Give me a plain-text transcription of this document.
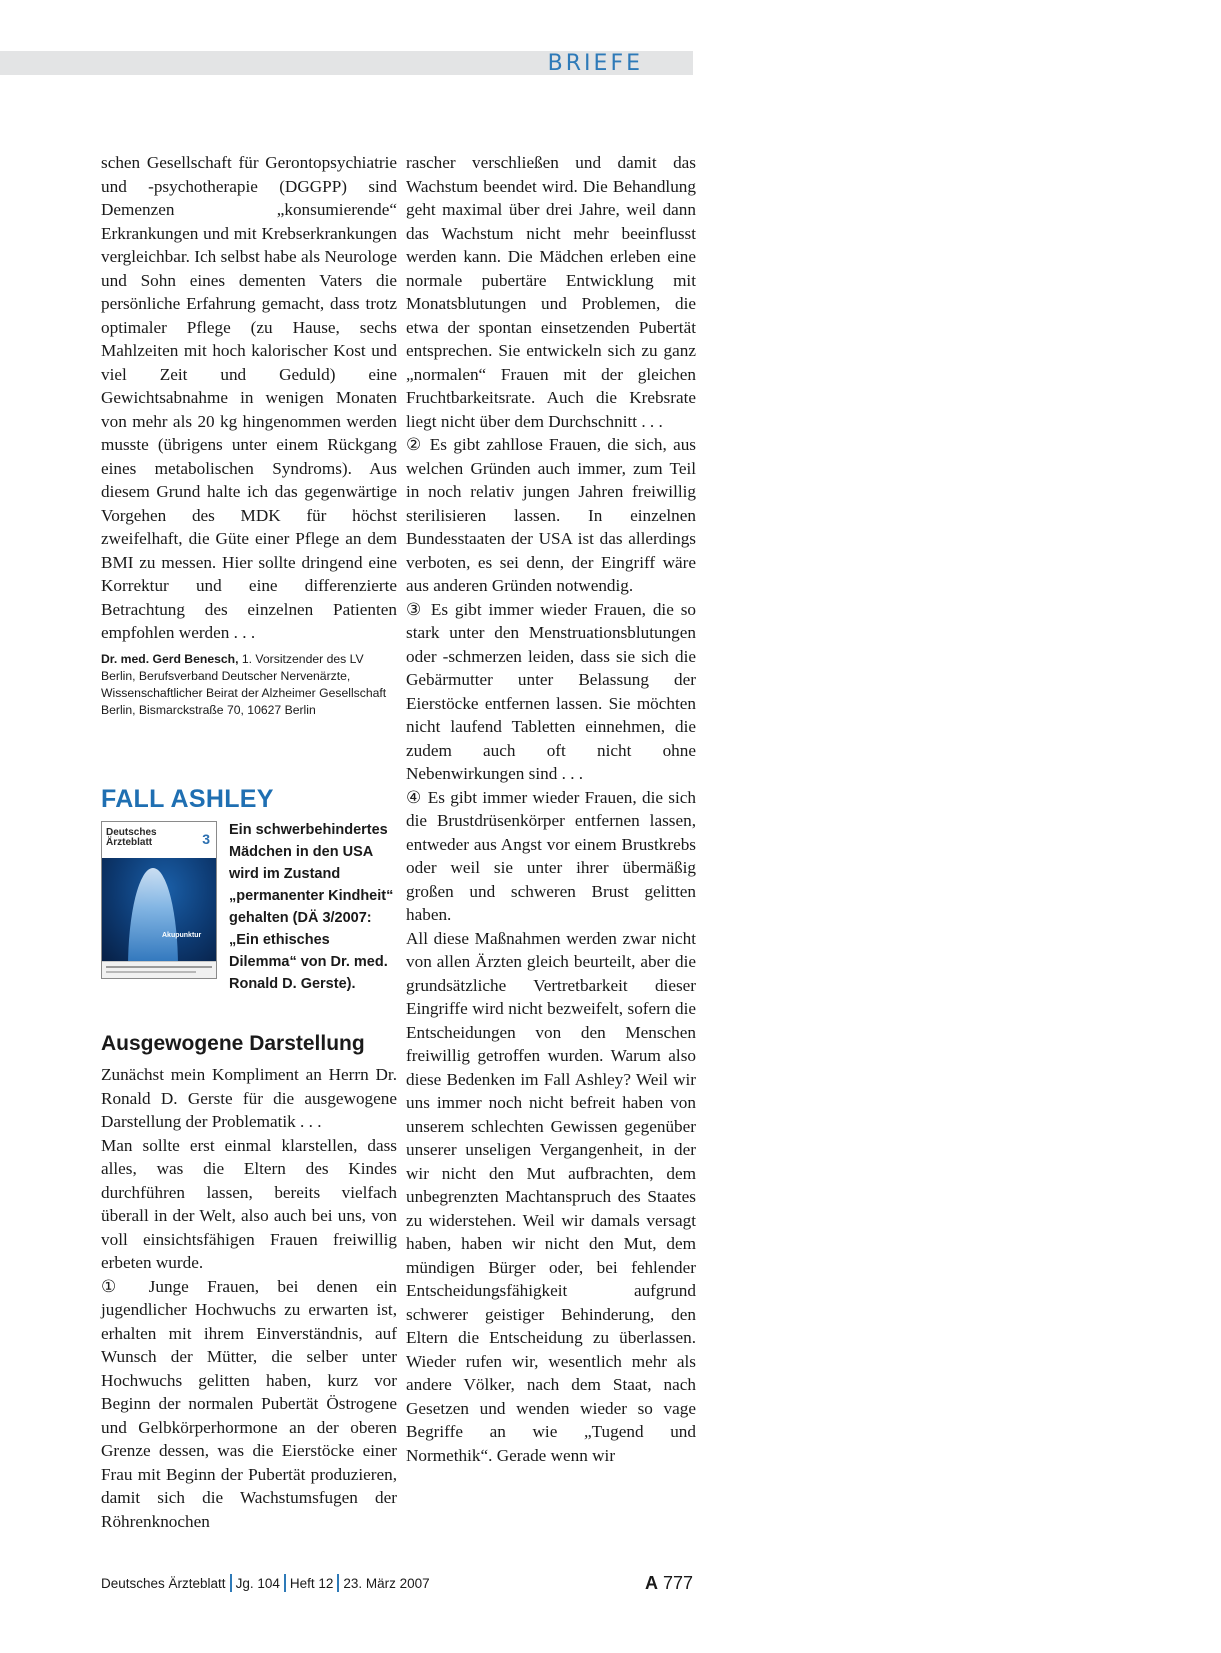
BRIEFE

schen Gesellschaft für Gerontopsychiatrie und -psychotherapie (DGGPP) sind Demenzen „konsumierende“ Erkrankungen und mit Krebserkrankungen vergleichbar. Ich selbst habe als Neurologe und Sohn eines dementen Vaters die persönliche Erfahrung gemacht, dass trotz optimaler Pflege (zu Hause, sechs Mahlzeiten mit hoch kalorischer Kost und viel Zeit und Geduld) eine Gewichtsabnahme in wenigen Monaten von mehr als 20 kg hingenommen werden musste (übrigens unter einem Rückgang eines metabolischen Syndroms). Aus diesem Grund halte ich das gegenwärtige Vorgehen des MDK für höchst zweifelhaft, die Güte einer Pflege an dem BMI zu messen. Hier sollte dringend eine Korrektur und eine differenzierte Betrachtung des einzelnen Patienten empfohlen werden . . .

Dr. med. Gerd Benesch, 1. Vorsitzender des LV Berlin, Berufsverband Deutscher Nervenärzte, Wissenschaftlicher Beirat der Alzheimer Gesellschaft Berlin, Bismarckstraße 70, 10627 Berlin

FALL ASHLEY
Deutsches Ärzteblatt	3
Akupunktur

Ein schwerbehindertes Mädchen in den USA wird im Zustand „permanenter Kindheit“ gehalten (DÄ 3/2007: „Ein ethisches Dilemma“ von Dr. med. Ronald D. Gerste).

Ausgewogene Darstellung

Zunächst mein Kompliment an Herrn Dr. Ronald D. Gerste für die ausgewogene Darstellung der Problematik . . .

Man sollte erst einmal klarstellen, dass alles, was die Eltern des Kindes durchführen lassen, bereits vielfach überall in der Welt, also auch bei uns, von voll einsichtsfähigen Frauen freiwillig erbeten wurde.

① Junge Frauen, bei denen ein jugendlicher Hochwuchs zu erwarten ist, erhalten mit ihrem Einverständnis, auf Wunsch der Mütter, die selber unter Hochwuchs gelitten haben, kurz vor Beginn der normalen Pubertät Östrogene und Gelbkörperhormone an der oberen Grenze dessen, was die Eierstöcke einer Frau mit Beginn der Pubertät produzieren, damit sich die Wachstumsfugen der Röhrenknochen

rascher verschließen und damit das Wachstum beendet wird. Die Behandlung geht maximal über drei Jahre, weil dann das Wachstum nicht mehr beeinflusst werden kann. Die Mädchen erleben eine normale pubertäre Entwicklung mit Monatsblutungen und Problemen, die etwa der spontan einsetzenden Pubertät entsprechen. Sie entwickeln sich zu ganz „normalen“ Frauen mit der gleichen Fruchtbarkeitsrate. Auch die Krebsrate liegt nicht über dem Durchschnitt . . .

② Es gibt zahllose Frauen, die sich, aus welchen Gründen auch immer, zum Teil in noch relativ jungen Jahren freiwillig sterilisieren lassen. In einzelnen Bundesstaaten der USA ist das allerdings verboten, es sei denn, der Eingriff wäre aus anderen Gründen notwendig.

③ Es gibt immer wieder Frauen, die so stark unter den Menstruationsblutungen oder -schmerzen leiden, dass sie sich die Gebärmutter unter Belassung der Eierstöcke entfernen lassen. Sie möchten nicht laufend Tabletten einnehmen, die zudem auch oft nicht ohne Nebenwirkungen sind . . .

④ Es gibt immer wieder Frauen, die sich die Brustdrüsenkörper entfernen lassen, entweder aus Angst vor einem Brustkrebs oder weil sie unter ihrer übermäßig großen und schweren Brust gelitten haben.

All diese Maßnahmen werden zwar nicht von allen Ärzten gleich beurteilt, aber die grundsätzliche Vertretbarkeit dieser Eingriffe wird nicht bezweifelt, sofern die Entscheidungen von den Menschen freiwillig getroffen wurden. Warum also diese Bedenken im Fall Ashley? Weil wir uns immer noch nicht befreit haben von unserem schlechten Gewissen gegenüber unserer unseligen Vergangenheit, in der wir nicht den Mut aufbrachten, dem unbegrenzten Machtanspruch des Staates zu widerstehen. Weil wir damals versagt haben, haben wir nicht den Mut, dem mündigen Bürger oder, bei fehlender Entscheidungsfähigkeit aufgrund schwerer geistiger Behinderung, den Eltern die Entscheidung zu überlassen. Wieder rufen wir, wesentlich mehr als andere Völker, nach dem Staat, nach Gesetzen und wenden wieder so vage Begriffe an wie „Tugend und Normethik“. Gerade wenn wir

Deutsches Ärzteblatt Jg. 104 Heft 12 23. März 2007	A 777
